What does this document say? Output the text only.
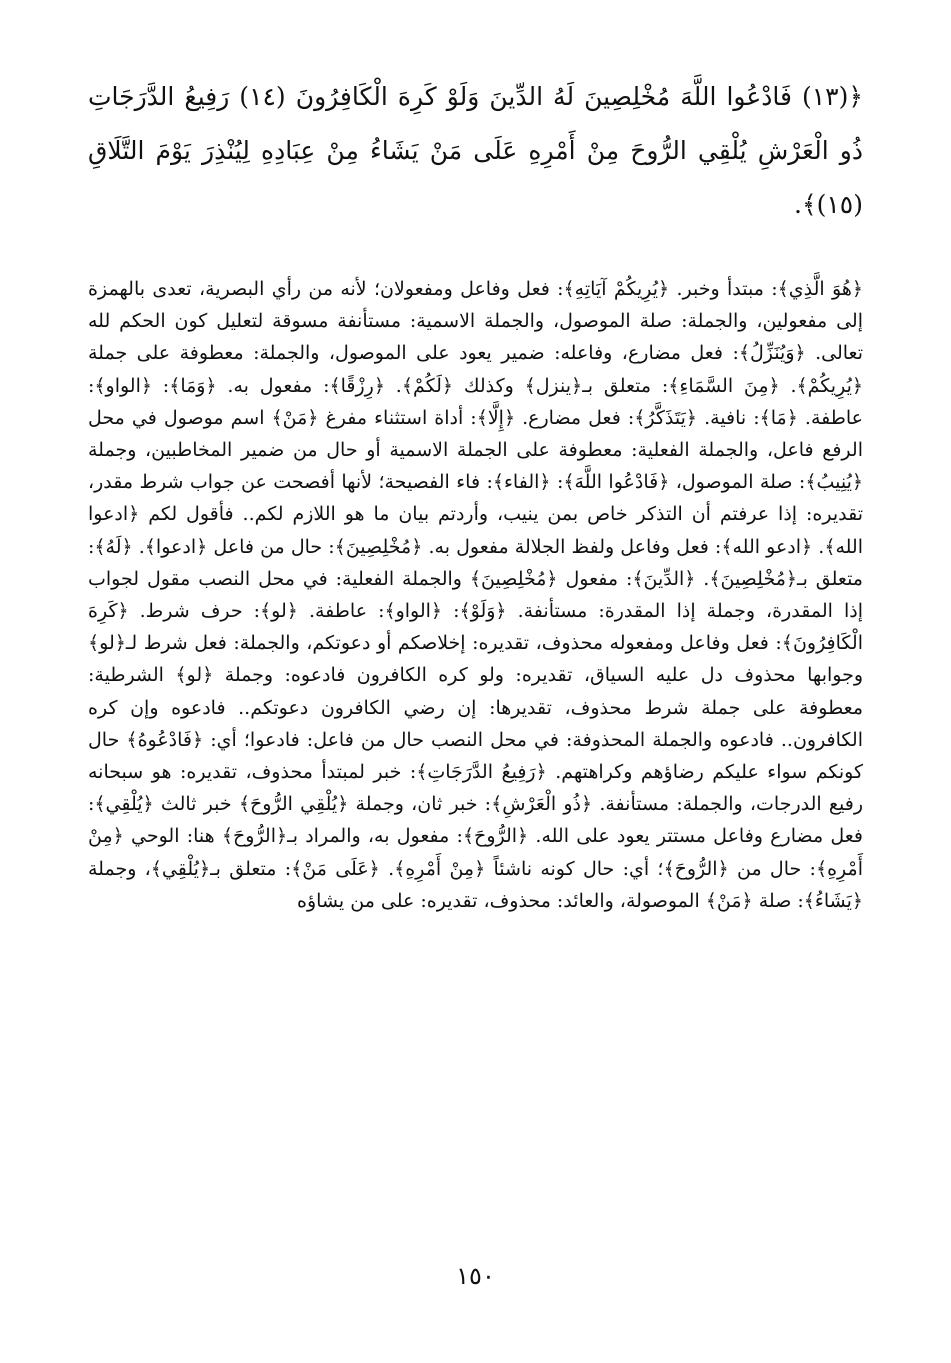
﴿(١٣) فَادْعُوا اللَّهَ مُخْلِصِينَ لَهُ الدِّينَ وَلَوْ كَرِهَ الْكَافِرُونَ (١٤) رَفِيعُ الدَّرَجَاتِ ذُو الْعَرْشِ يُلْقِي الرُّوحَ مِنْ أَمْرِهِ عَلَى مَنْ يَشَاءُ مِنْ عِبَادِهِ لِيُنْذِرَ يَوْمَ التَّلَاقِ (١٥)﴾.

﴿هُوَ الَّذِي﴾: مبتدأ وخبر. ﴿يُرِيكُمْ آيَاتِهِ﴾: فعل وفاعل ومفعولان؛ لأنه من رأي البصرية، تعدى بالهمزة إلى مفعولين، والجملة: صلة الموصول، والجملة الاسمية: مستأنفة مسوقة لتعليل كون الحكم لله تعالى. ﴿وَيُنَزِّلُ﴾: فعل مضارع، وفاعله: ضمير يعود على الموصول، والجملة: معطوفة على جملة ﴿يُرِيكُمْ﴾. ﴿مِنَ السَّمَاءِ﴾: متعلق بـ﴿ينزل﴾ وكذلك ﴿لَكُمْ﴾. ﴿رِزْقًا﴾: مفعول به. ﴿وَمَا﴾: ﴿الواو﴾: عاطفة. ﴿مَا﴾: نافية. ﴿يَتَذَكَّرُ﴾: فعل مضارع. ﴿إِلَّا﴾: أداة استثناء مفرغ ﴿مَنْ﴾ اسم موصول في محل الرفع فاعل، والجملة الفعلية: معطوفة على الجملة الاسمية أو حال من ضمير المخاطبين، وجملة ﴿يُنِيبُ﴾: صلة الموصول، ﴿فَادْعُوا اللَّهَ﴾: ﴿الفاء﴾: فاء الفصيحة؛ لأنها أفصحت عن جواب شرط مقدر، تقديره: إذا عرفتم أن التذكر خاص بمن ينيب، وأردتم بيان ما هو اللازم لكم.. فأقول لكم ﴿ادعوا الله﴾. ﴿ادعو الله﴾: فعل وفاعل ولفظ الجلالة مفعول به. ﴿مُخْلِصِينَ﴾: حال من فاعل ﴿ادعوا﴾. ﴿لَهُ﴾: متعلق بـ﴿مُخْلِصِينَ﴾. ﴿الدِّينَ﴾: مفعول ﴿مُخْلِصِينَ﴾ والجملة الفعلية: في محل النصب مقول لجواب إذا المقدرة، وجملة إذا المقدرة: مستأنفة. ﴿وَلَوْ﴾: ﴿الواو﴾: عاطفة. ﴿لو﴾: حرف شرط. ﴿كَرِهَ الْكَافِرُونَ﴾: فعل وفاعل ومفعوله محذوف، تقديره: إخلاصكم أو دعوتكم، والجملة: فعل شرط لـ﴿لو﴾ وجوابها محذوف دل عليه السياق، تقديره: ولو كره الكافرون فادعوه: وجملة ﴿لو﴾ الشرطية: معطوفة على جملة شرط محذوف، تقديرها: إن رضي الكافرون دعوتكم.. فادعوه وإن كره الكافرون.. فادعوه والجملة المحذوفة: في محل النصب حال من فاعل: فادعوا؛ أي: ﴿فَادْعُوهُ﴾ حال كونكم سواء عليكم رضاؤهم وكراهتهم. ﴿رَفِيعُ الدَّرَجَاتِ﴾: خبر لمبتدأ محذوف، تقديره: هو سبحانه رفيع الدرجات، والجملة: مستأنفة. ﴿ذُو الْعَرْشِ﴾: خبر ثان، وجملة ﴿يُلْقِي الرُّوحَ﴾ خبر ثالث ﴿يُلْقِي﴾: فعل مضارع وفاعل مستتر يعود على الله. ﴿الرُّوحَ﴾: مفعول به، والمراد بـ﴿الرُّوحَ﴾ هنا: الوحي ﴿مِنْ أَمْرِهِ﴾: حال من ﴿الرُّوحَ﴾؛ أي: حال كونه ناشئاً ﴿مِنْ أَمْرِهِ﴾. ﴿عَلَى مَنْ﴾: متعلق بـ﴿يُلْقِي﴾، وجملة ﴿يَشَاءُ﴾: صلة ﴿مَنْ﴾ الموصولة، والعائد: محذوف، تقديره: على من يشاؤه

١٥٠
